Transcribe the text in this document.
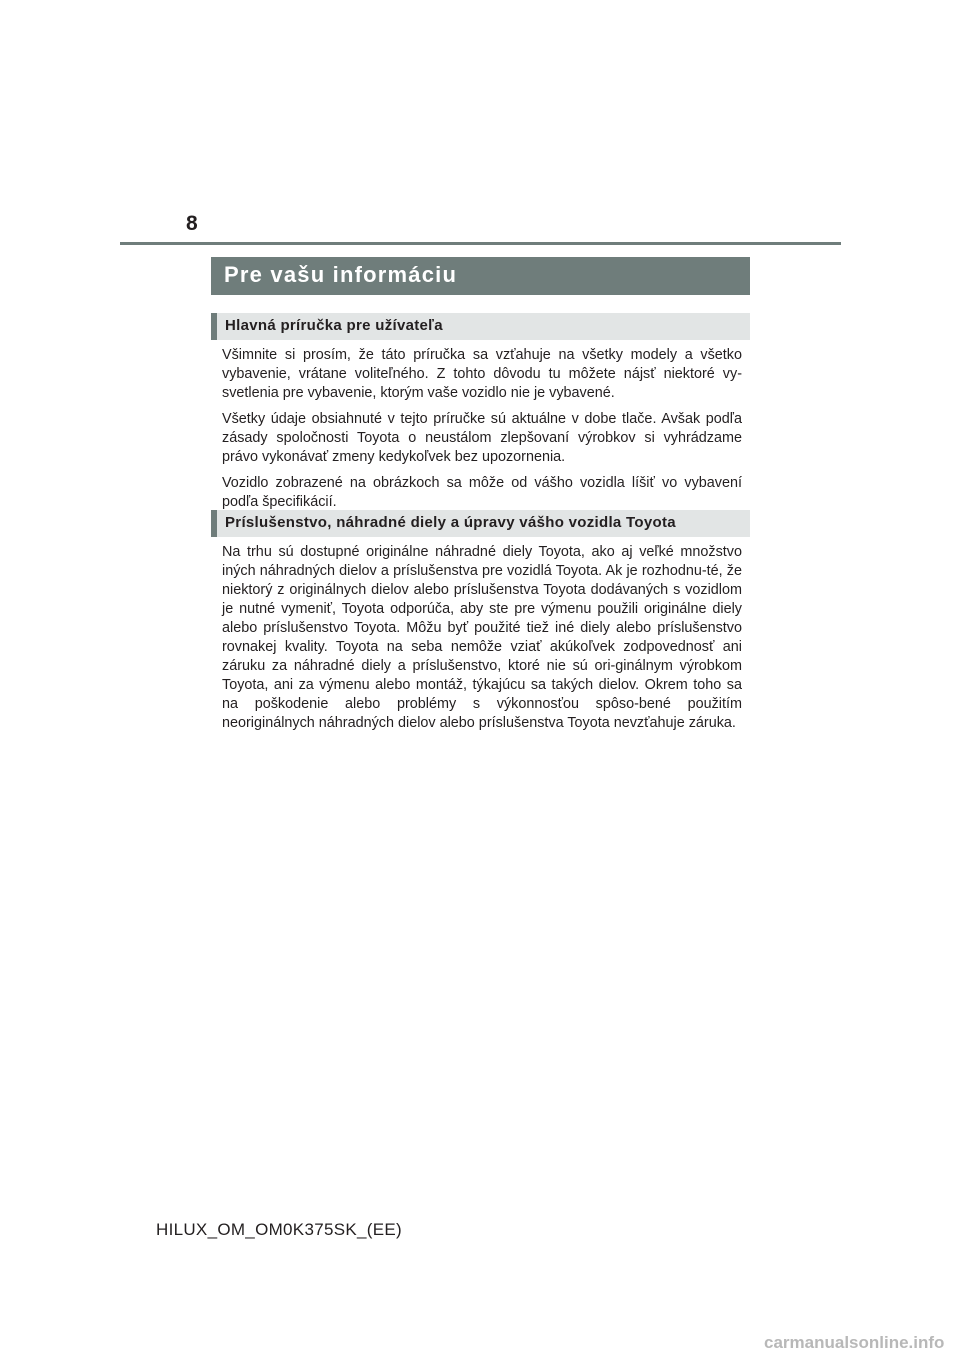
8

Pre vašu informáciu
Hlavná príručka pre užívateľa

Všimnite si prosím, že táto príručka sa vzťahuje na všetky modely a všetko vybavenie, vrátane voliteľného. Z tohto dôvodu tu môžete nájsť niektoré vy-svetlenia pre vybavenie, ktorým vaše vozidlo nie je vybavené.

Všetky údaje obsiahnuté v tejto príručke sú aktuálne v dobe tlače. Avšak podľa zásady spoločnosti Toyota o neustálom zlepšovaní výrobkov si vyhrádzame právo vykonávať zmeny kedykoľvek bez upozornenia.

Vozidlo zobrazené na obrázkoch sa môže od vášho vozidla líšiť vo vybavení podľa špecifikácií.

Príslušenstvo, náhradné diely a úpravy vášho vozidla Toyota

Na trhu sú dostupné originálne náhradné diely Toyota, ako aj veľké množstvo iných náhradných dielov a príslušenstva pre vozidlá Toyota. Ak je rozhodnu-té, že niektorý z originálnych dielov alebo príslušenstva Toyota dodávaných s vozidlom je nutné vymeniť, Toyota odporúča, aby ste pre výmenu použili originálne diely alebo príslušenstvo Toyota. Môžu byť použité tiež iné diely alebo príslušenstvo rovnakej kvality. Toyota na seba nemôže vziať akúkoľvek zodpovednosť ani záruku za náhradné diely a príslušenstvo, ktoré nie sú ori-ginálnym výrobkom Toyota, ani za výmenu alebo montáž, týkajúcu sa takých dielov. Okrem toho sa na poškodenie alebo problémy s výkonnosťou spôso-bené použitím neoriginálnych náhradných dielov alebo príslušenstva Toyota nevzťahuje záruka.

HILUX_OM_OM0K375SK_(EE)

carmanualsonline.info
